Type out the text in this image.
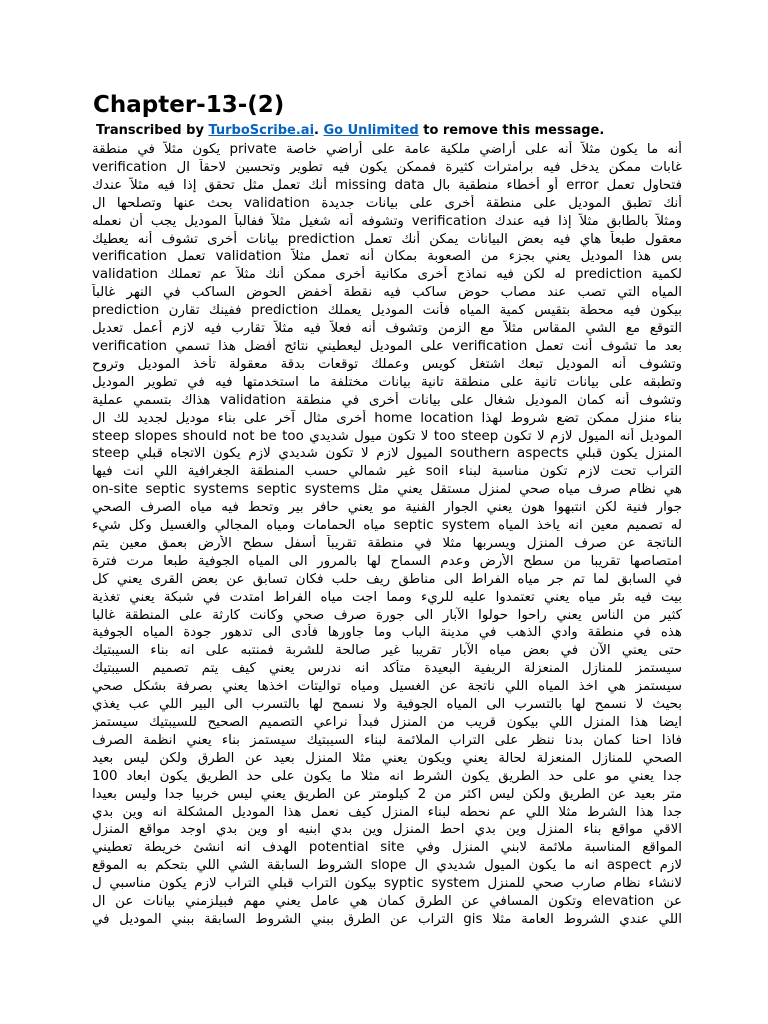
Chapter-13-(2)
Transcribed by TurboScribe.ai. Go Unlimited to remove this message.
أنه ما يكون مثلاً أنه على أراضي ملكية عامة على أراضي خاصة private يكون مثلاً في منطقة
غابات ممكن يدخل فيه برامترات كثيرة فممكن يكون فيه تطوير وتحسين لاحقاً ال verification
فتحاول تعمل error أو أخطاء منطقية بال missing data أنك تعمل مثل تحقق إذا فيه مثلاً عندك
أنك تطبق الموديل على منطقة أخرى على بيانات جديدة validation بحث عنها وتصلحها ال
ومثلاً بالطابق مثلاً إذا فيه عندك verification وتشوفه أنه شغيل مثلاً ففالباً الموديل يجب أن نعمله
معقول طبعاً هاي فيه بعض البيانات يمكن أنك تعمل prediction بيانات أخرى تشوف أنه يعطيك
بس هذا الموديل يعني بجزء من الصعوبة بمكان أنه تعمل مثلاً validation تعمل verification
لكمية prediction له لكن فيه نماذج أخرى مكانية أخرى ممكن أنك مثلاً عم تعملك validation
المياه التي تصب عند مصاب حوض ساكب فيه نقطة أخفض الحوض الساكب في النهر غالباً
prediction ففينك تقارن prediction بيكون فيه محطة بتقيس كمية المياه فأنت الموديل يعملك
التوقع مع الشي المقاس مثلاً مع الزمن وتشوف أنه فعلاً فيه مثلاً تقارب فيه لازم أعمل تعديل
بعد ما تشوف أنت تعمل verification على الموديل ليعطيني نتائج أفضل هذا تسمي verification
وتشوف أنه الموديل تبعك اشتغل كويس وعملك توقعات بدقة معقولة تأخذ الموديل وتروح
وتطبقه على بيانات تانية على منطقة تانية بيانات مختلفة ما استخدمتها فيه في تطوير الموديل
وتشوف أنه كمان الموديل شغال على بيانات أخرى في منطقة validation هذاك بتسمي عملية
بناء منزل ممكن تضع شروط لهذا home location أخرى مثال آخر على بناء موديل لجديد لك ال
steep slopes should not be too لا تكون ميول شديدي too steep الموديل أنه الميول لازم لا تكون
المنزل يكون قبلي southern aspects الميول لازم لا تكون شديدي لازم يكون الاتجاه قبلي steep
التراب تحت لازم تكون مناسبة لبناء soil غير شمالي حسب المنطقة الجغرافية اللي انت فيها
هي نظام صرف مياه صحي لمنزل مستقل يعني مثل on-site septic systems septic systems
جوار فنية لكن انتبهوا هون يعني الجوار الفنية مو يعني حافر بير وتحط فيه مياه الصرف الصحي
له تصميم معين انه ياخذ المياه septic system مياه الحمامات ومياه المجالي والغسيل وكل شيء
الناتجة عن صرف المنزل ويسربها مثلا في منطقة تقريباً أسفل سطح الأرض بعمق معين يتم
امتصاصها تقريبا من سطح الأرض وعدم السماح لها بالمرور الى المياه الجوفية طبعا مرت فترة
في السابق لما تم جر مياه الفراط الى مناطق ريف حلب فكان تسابق عن بعض القرى يعني كل
بيت فيه بئر مياه يعني تعتمدوا عليه للريء ومما اجت مياه الفراط امتدت في شبكة يعني تغذية
كثير من الناس يعني راحوا حولوا الآبار الى جورة صرف صحي وكانت كارثة على المنطقة غالبا
هذه في منطقة وادي الذهب في مدينة الباب وما جاورها فأدى الى تدهور جودة المياه الجوفية
حتى يعني الآن في بعض مياه الآبار تقريبا غير صالحة للشربة فمنتبه على انه بناء السيبتيك
سيستمز للمنازل المنعزلة الريفية البعيدة متأكد انه ندرس يعني كيف يتم تصميم السيبتيك
سيستمز هي اخذ المياه اللي ناتجة عن الغسيل ومياه تواليتات اخذها يعني بصرفة بشكل صحي
بحيث لا نسمح لها بالتسرب الى المياه الجوفية ولا نسمح لها بالتسرب الى البير اللي عب يغذي
ايضا هذا المنزل اللي بيكون قريب من المنزل فبدأ نراعي التصميم الصحيح للسيبتيك سيستمز
فاذا احنا كمان بدنا ننظر على التراب الملائمة لبناء السيبتيك سيستمز بناء يعني انظمة الصرف
الصحي للمنازل المنعزلة لحالة يعني ويكون يعني مثلا المنزل بعيد عن الطرق ولكن ليس بعيد
جدا يعني مو على حد الطريق يكون الشرط انه مثلا ما يكون على حد الطريق يكون ابعاد 100
متر بعيد عن الطريق ولكن ليس اكثر من 2 كيلومتر عن الطريق يعني ليس خربيا جدا وليس بعيدا
جدا هذا الشرط مثلا اللي عم نحطه لبناء المنزل كيف نعمل هذا الموديل المشكلة انه وين بدي
الاقي مواقع بناء المنزل وين بدي احط المنزل وين بدي ابنيه او وين بدي اوجد مواقع المنزل
المواقع المناسبة ملائمة لابني المنزل وفي potential site الهدف انه انشئ خريطة تعطيني
لازم aspect انه ما يكون الميول شديدي ال slope الشروط السابقة الشي اللي بتحكم به الموقع
لانشاء نظام صارب صحي للمنزل syptic system بيكون التراب قبلي التراب لازم يكون مناسبي ل
عن elevation وتكون المسافي عن الطرق كمان هي عامل يعني مهم فبيلزمني بيانات عن ال
اللي عندي الشروط العامة مثلا gis التراب عن الطرق ببني الشروط السابقة ببني الموديل في
